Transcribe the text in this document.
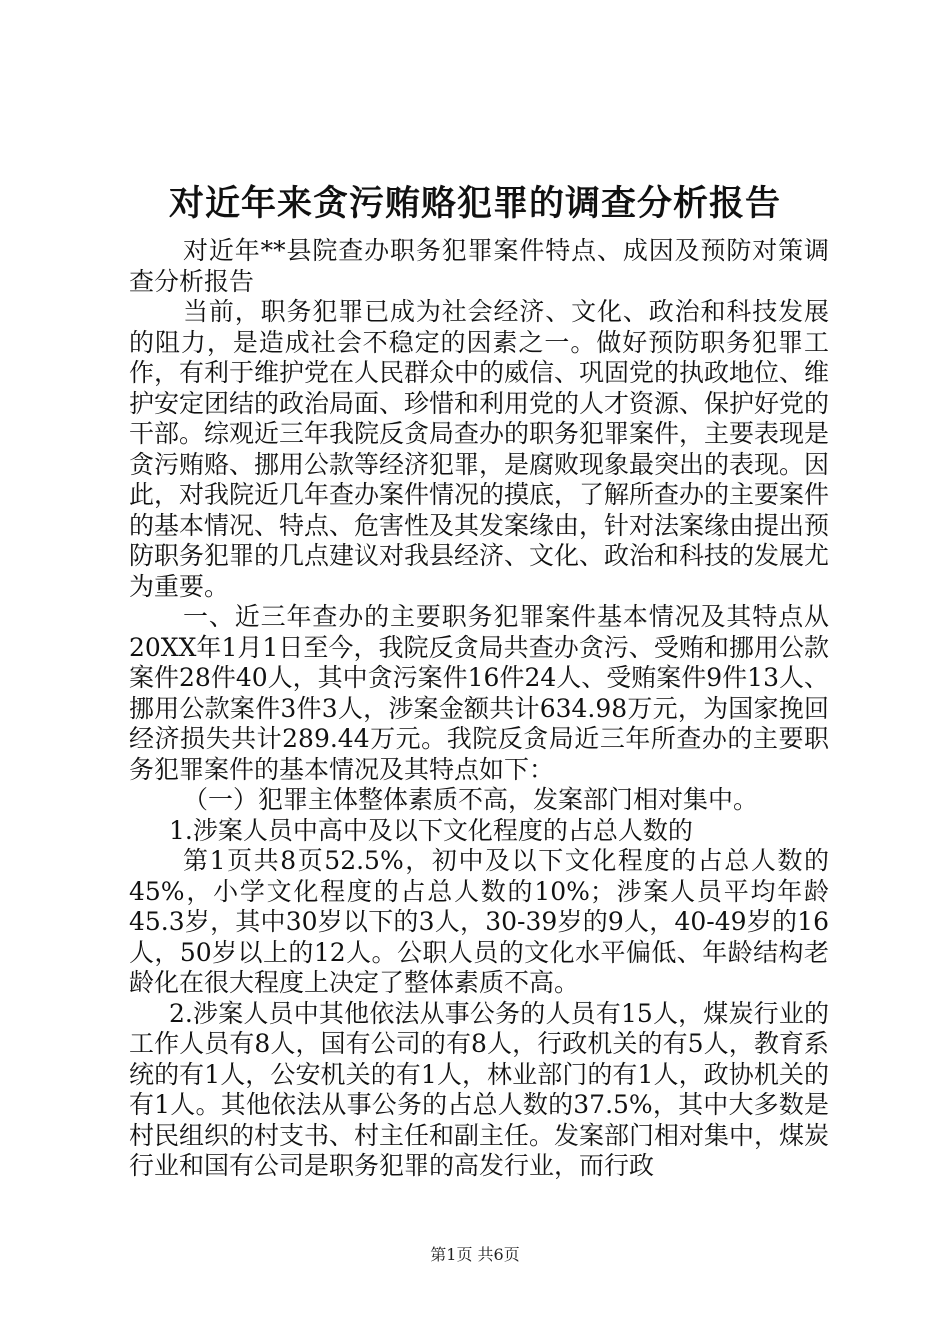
对近年来贪污贿赂犯罪的调查分析报告

对近年**县院查办职务犯罪案件特点、成因及预防对策调查分析报告

当前，职务犯罪已成为社会经济、文化、政治和科技发展的阻力，是造成社会不稳定的因素之一。做好预防职务犯罪工作，有利于维护党在人民群众中的威信、巩固党的执政地位、维护安定团结的政治局面、珍惜和利用党的人才资源、保护好党的干部。综观近三年我院反贪局查办的职务犯罪案件，主要表现是贪污贿赂、挪用公款等经济犯罪，是腐败现象最突出的表现。因此，对我院近几年查办案件情况的摸底，了解所查办的主要案件的基本情况、特点、危害性及其发案缘由，针对法案缘由提出预防职务犯罪的几点建议对我县经济、文化、政治和科技的发展尤为重要。

一、近三年查办的主要职务犯罪案件基本情况及其特点从20XX年1月1日至今，我院反贪局共查办贪污、受贿和挪用公款案件28件40人，其中贪污案件16件24人、受贿案件9件13人、挪用公款案件3件3人，涉案金额共计634.98万元，为国家挽回经济损失共计289.44万元。我院反贪局近三年所查办的主要职务犯罪案件的基本情况及其特点如下：

（一）犯罪主体整体素质不高，发案部门相对集中。

1.涉案人员中高中及以下文化程度的占总人数的

第1页共8页52.5%，初中及以下文化程度的占总人数的45%，小学文化程度的占总人数的10%；涉案人员平均年龄45.3岁，其中30岁以下的3人，30-39岁的9人，40-49岁的16人，50岁以上的12人。公职人员的文化水平偏低、年龄结构老龄化在很大程度上决定了整体素质不高。

2.涉案人员中其他依法从事公务的人员有15人，煤炭行业的工作人员有8人，国有公司的有8人，行政机关的有5人，教育系统的有1人，公安机关的有1人，林业部门的有1人，政协机关的有1人。其他依法从事公务的占总人数的37.5%，其中大多数是村民组织的村支书、村主任和副主任。发案部门相对集中，煤炭行业和国有公司是职务犯罪的高发行业，而行政

第1页 共6页
